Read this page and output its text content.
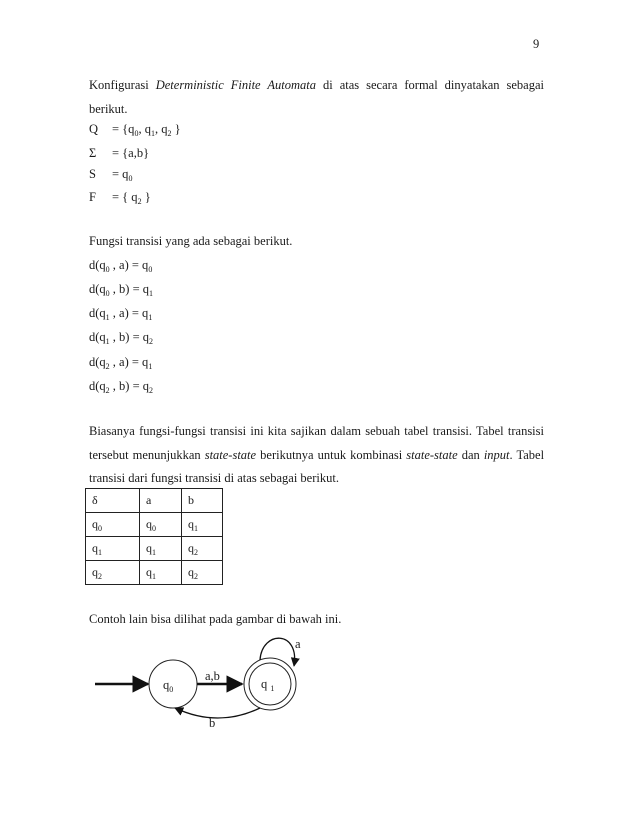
9
Konfigurasi Deterministic Finite Automata di atas secara formal dinyatakan sebagai
berikut.
$Q = \{q_0$, $q_1$, $q_2$ }
Σ = {a,b}
$S = q_0$
F = { $q_2$ }
Fungsi transisi yang ada sebagai berikut.
$d(q_0$ , $a) = q_0$
$d(q_0$ , $b) = q_1$
$d(q_1$ , $a) = q_1$
$d(q_1$ , $b) = q_2$
$d(q_2$ , $a) = q_1$
$d(q_2$ , $b) = q_2$
Biasanya fungsi-fungsi transisi ini kita sajikan dalam sebuah tabel transisi. Tabel transisi
tersebut menunjukkan state-state berikutnya untuk kombinasi state-state dan input. Tabel
transisi dari fungsi transisi di atas sebagai berikut.
δ	a	b
$q_0$	$q_0$	$q_1$
$q_1$	$q_1$	$q_2$
$q_2$	$q_1$	$q_2$
Contoh lain bisa dilihat pada gambar di bawah ini.
$q_0$	q $_1$
a,b
b
a
